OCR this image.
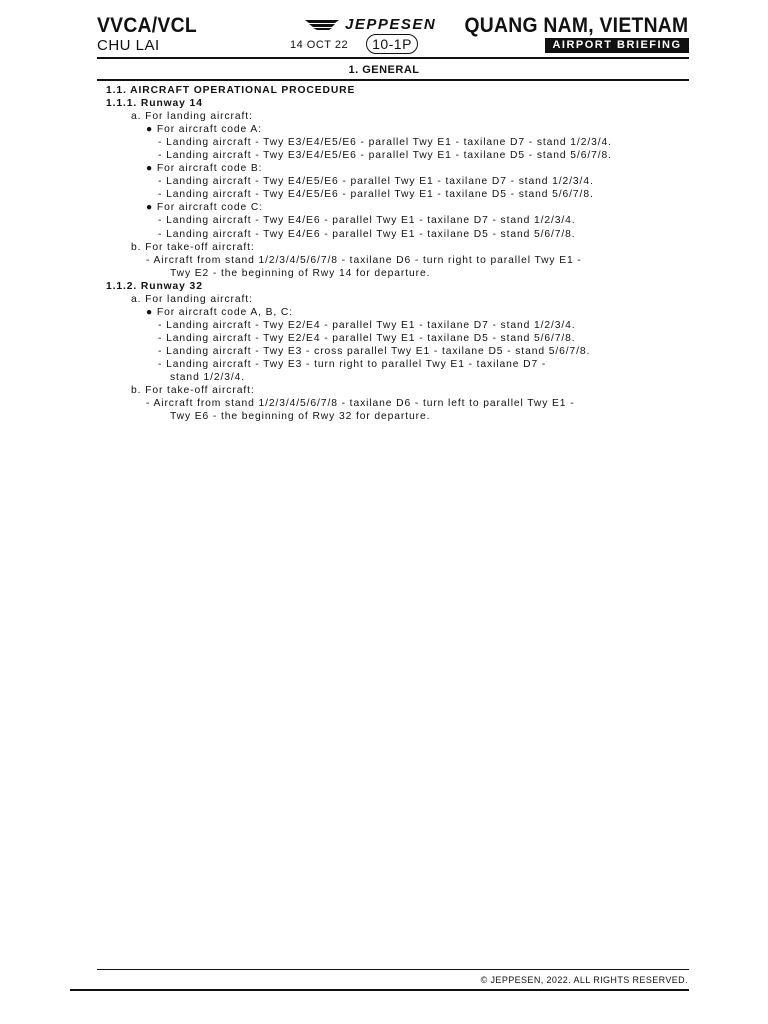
VVCA/VCL
CHU LAI
JEPPESEN
14 OCT 22	10-1P
QUANG NAM, VIETNAM
AIRPORT BRIEFING
1. GENERAL
1.1. AIRCRAFT OPERATIONAL PROCEDURE
1.1.1. Runway 14
a. For landing aircraft:
● For aircraft code A:
- Landing aircraft - Twy E3/E4/E5/E6 - parallel Twy E1 - taxilane D7 - stand 1/2/3/4.
- Landing aircraft - Twy E3/E4/E5/E6 - parallel Twy E1 - taxilane D5 - stand 5/6/7/8.
● For aircraft code B:
- Landing aircraft - Twy E4/E5/E6 - parallel Twy E1 - taxilane D7 - stand 1/2/3/4.
- Landing aircraft - Twy E4/E5/E6 - parallel Twy E1 - taxilane D5 - stand 5/6/7/8.
● For aircraft code C:
- Landing aircraft - Twy E4/E6 - parallel Twy E1 - taxilane D7 - stand 1/2/3/4.
- Landing aircraft - Twy E4/E6 - parallel Twy E1 - taxilane D5 - stand 5/6/7/8.
b. For take-off aircraft:
- Aircraft from stand 1/2/3/4/5/6/7/8 - taxilane D6 - turn right to parallel Twy E1 -
Twy E2 - the beginning of Rwy 14 for departure.
1.1.2. Runway 32
a. For landing aircraft:
● For aircraft code A, B, C:
- Landing aircraft - Twy E2/E4 - parallel Twy E1 - taxilane D7 - stand 1/2/3/4.
- Landing aircraft - Twy E2/E4 - parallel Twy E1 - taxilane D5 - stand 5/6/7/8.
- Landing aircraft - Twy E3 - cross parallel Twy E1 - taxilane D5 - stand 5/6/7/8.
- Landing aircraft - Twy E3 - turn right to parallel Twy E1 - taxilane D7 -
stand 1/2/3/4.
b. For take-off aircraft:
- Aircraft from stand 1/2/3/4/5/6/7/8 - taxilane D6 - turn left to parallel Twy E1 -
Twy E6 - the beginning of Rwy 32 for departure.
© JEPPESEN, 2022. ALL RIGHTS RESERVED.
